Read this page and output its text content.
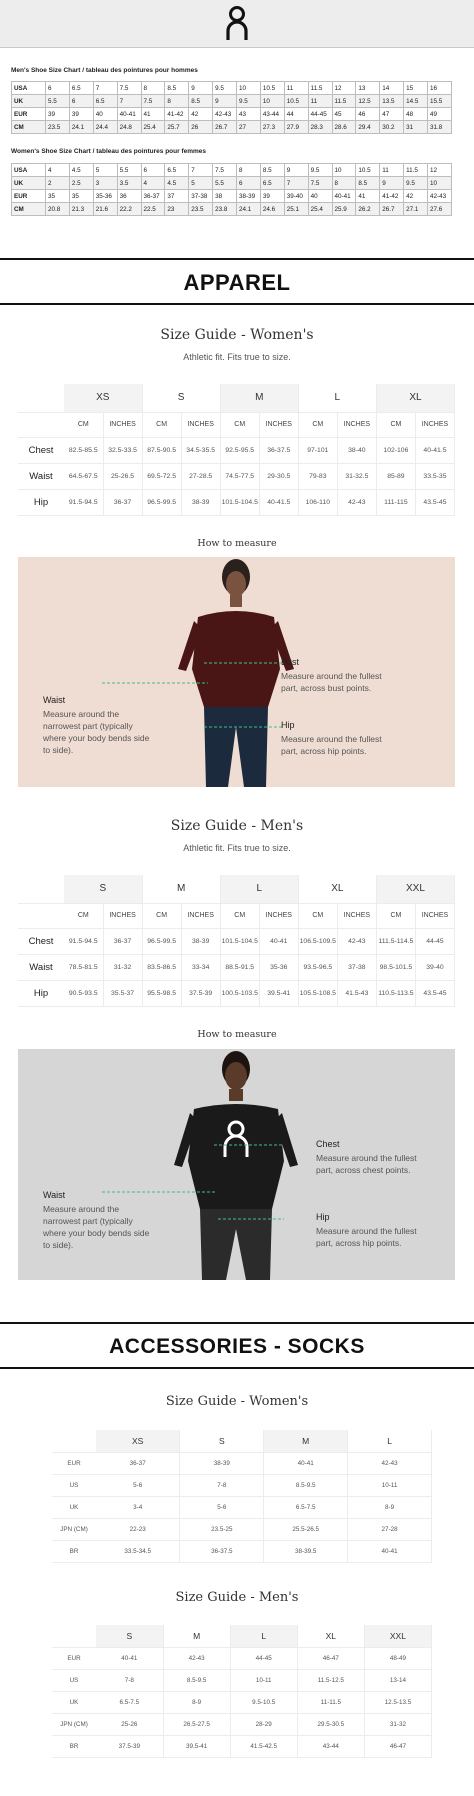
Men's Shoe Size Chart / tableau des pointures pour hommes
USA	6	6.5	7	7.5	8	8.5	9	9.5	10	10.5	11	11.5	12	13	14	15	16
UK	5.5	6	6.5	7	7.5	8	8.5	9	9.5	10	10.5	11	11.5	12.5	13.5	14.5	15.5
EUR	39	39	40	40-41	41	41-42	42	42-43	43	43-44	44	44-45	45	46	47	48	49
CM	23.5	24.1	24.4	24.8	25.4	25.7	26	26.7	27	27.3	27.9	28.3	28.6	29.4	30.2	31	31.8
Women's Shoe Size Chart / tableau des pointures pour femmes
USA	4	4.5	5	5.5	6	6.5	7	7.5	8	8.5	9	9.5	10	10.5	11	11.5	12
UK	2	2.5	3	3.5	4	4.5	5	5.5	6	6.5	7	7.5	8	8.5	9	9.5	10
EUR	35	35	35-36	36	36-37	37	37-38	38	38-39	39	39-40	40	40-41	41	41-42	42	42-43
CM	20.8	21.3	21.6	22.2	22.5	23	23.5	23.8	24.1	24.6	25.1	25.4	25.9	26.2	26.7	27.1	27.6
APPAREL
Size Guide - Women's
Athletic fit. Fits true to size.
	XS		S		M		L		XL	
	CM	INCHES	CM	INCHES	CM	INCHES	CM	INCHES	CM	INCHES
Chest	82.5-85.5	32.5-33.5	87.5-90.5	34.5-35.5	92.5-95.5	36-37.5	97-101	38-40	102-106	40-41.5
Waist	64.5-67.5	25-26.5	69.5-72.5	27-28.5	74.5-77.5	29-30.5	79-83	31-32.5	85-89	33.5-35
Hip	91.5-94.5	36-37	96.5-99.5	38-39	101.5-104.5	40-41.5	106-110	42-43	111-115	43.5-45
How to measure
Bust
Measure around the fullest part, across bust points.
Hip
Measure around the fullest part, across hip points.
Waist
Measure around the narrowest part (typically where your body bends side to side).
Size Guide - Men's
Athletic fit. Fits true to size.
	S		M		L		XL		XXL	
	CM	INCHES	CM	INCHES	CM	INCHES	CM	INCHES	CM	INCHES
Chest	91.5-94.5	36-37	96.5-99.5	38-39	101.5-104.5	40-41	106.5-109.5	42-43	111.5-114.5	44-45
Waist	78.5-81.5	31-32	83.5-86.5	33-34	88.5-91.5	35-36	93.5-96.5	37-38	98.5-101.5	39-40
Hip	90.5-93.5	35.5-37	95.5-98.5	37.5-39	100.5-103.5	39.5-41	105.5-108.5	41.5-43	110.5-113.5	43.5-45
How to measure
Chest
Measure around the fullest part, across chest points.
Hip
Measure around the fullest part, across hip points.
Waist
Measure around the narrowest part (typically where your body bends side to side).
ACCESSORIES - SOCKS
Size Guide - Women's
	XS	S	M	L
EUR	36-37	38-39	40-41	42-43
US	5-6	7-8	8.5-9.5	10-11
UK	3-4	5-6	6.5-7.5	8-9
JPN (CM)	22-23	23.5-25	25.5-26.5	27-28
BR	33.5-34.5	36-37.5	38-39.5	40-41
Size Guide - Men's
	S	M	L	XL	XXL
EUR	40-41	42-43	44-45	46-47	48-49
US	7-8	8.5-9.5	10-11	11.5-12.5	13-14
UK	6.5-7.5	8-9	9.5-10.5	11-11.5	12.5-13.5
JPN (CM)	25-26	26.5-27.5	28-29	29.5-30.5	31-32
BR	37.5-39	39.5-41	41.5-42.5	43-44	46-47
